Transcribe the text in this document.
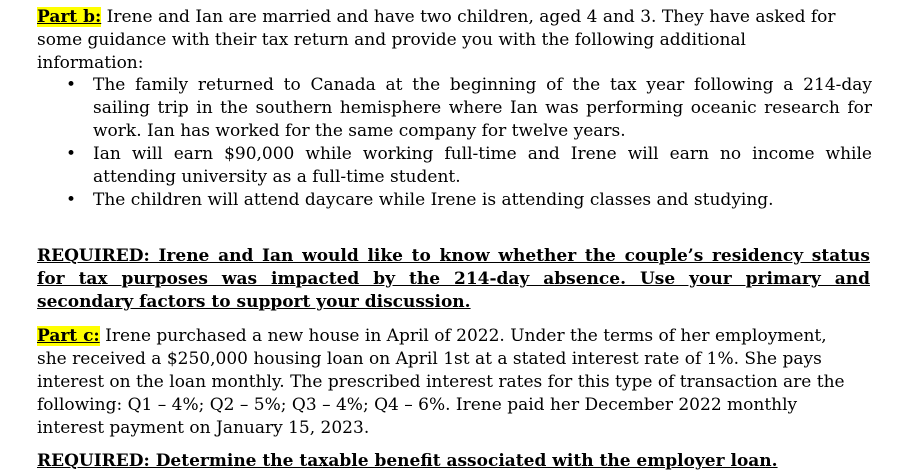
Part b: Irene and Ian are married and have two children, aged 4 and 3. They have asked for some guidance with their tax return and provide you with the following additional information:
• The family returned to Canada at the beginning of the tax year following a 214-day sailing trip in the southern hemisphere where Ian was performing oceanic research for work. Ian has worked for the same company for twelve years.
• Ian will earn $90,000 while working full-time and Irene will earn no income while attending university as a full-time student.
• The children will attend daycare while Irene is attending classes and studying.
REQUIRED: Irene and Ian would like to know whether the couple’s residency status for tax purposes was impacted by the 214-day absence. Use your primary and secondary factors to support your discussion.
Part c: Irene purchased a new house in April of 2022. Under the terms of her employment, she received a $250,000 housing loan on April 1st at a stated interest rate of 1%. She pays interest on the loan monthly. The prescribed interest rates for this type of transaction are the following: Q1 – 4%; Q2 – 5%; Q3 – 4%; Q4 – 6%. Irene paid her December 2022 monthly interest payment on January 15, 2023.
REQUIRED: Determine the taxable benefit associated with the employer loan.
